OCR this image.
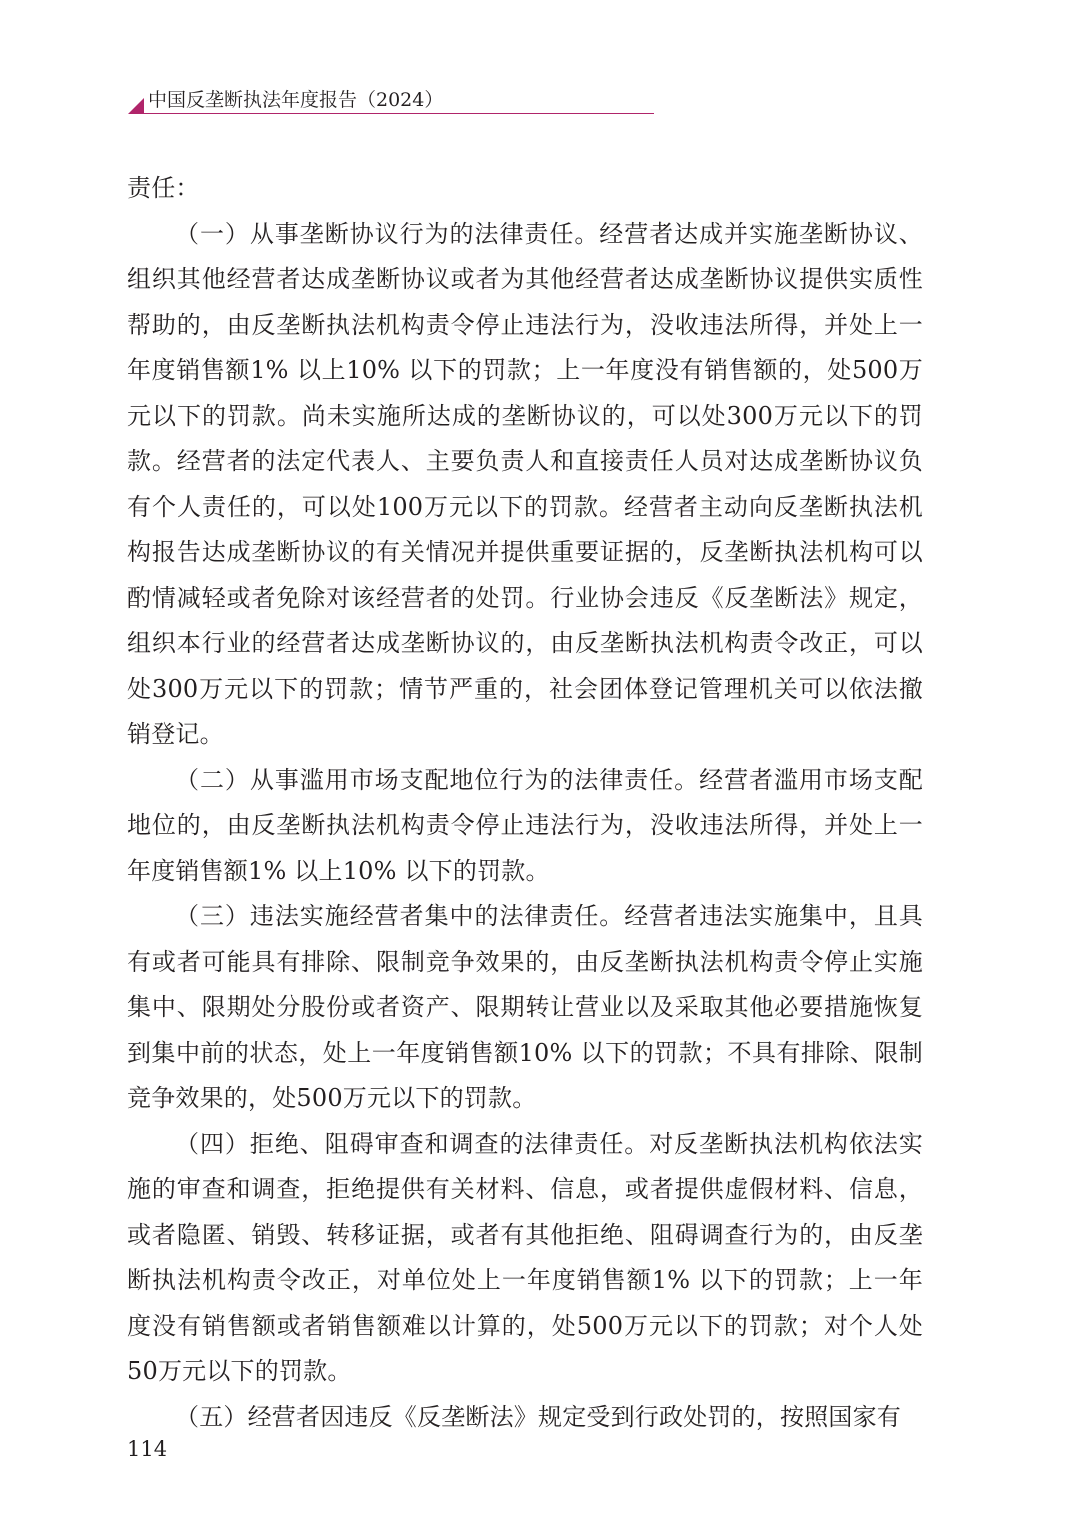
中国反垄断执法年度报告（2024）

责任：

（一）从事垄断协议行为的法律责任。经营者达成并实施垄断协议、组织其他经营者达成垄断协议或者为其他经营者达成垄断协议提供实质性帮助的，由反垄断执法机构责令停止违法行为，没收违法所得，并处上一年度销售额1% 以上10% 以下的罚款；上一年度没有销售额的，处500万元以下的罚款。尚未实施所达成的垄断协议的，可以处300万元以下的罚款。经营者的法定代表人、主要负责人和直接责任人员对达成垄断协议负有个人责任的，可以处100万元以下的罚款。经营者主动向反垄断执法机构报告达成垄断协议的有关情况并提供重要证据的，反垄断执法机构可以酌情减轻或者免除对该经营者的处罚。行业协会违反《反垄断法》规定，组织本行业的经营者达成垄断协议的，由反垄断执法机构责令改正，可以处300万元以下的罚款；情节严重的，社会团体登记管理机关可以依法撤销登记。

（二）从事滥用市场支配地位行为的法律责任。经营者滥用市场支配地位的，由反垄断执法机构责令停止违法行为，没收违法所得，并处上一年度销售额1% 以上10% 以下的罚款。

（三）违法实施经营者集中的法律责任。经营者违法实施集中，且具有或者可能具有排除、限制竞争效果的，由反垄断执法机构责令停止实施集中、限期处分股份或者资产、限期转让营业以及采取其他必要措施恢复到集中前的状态，处上一年度销售额10% 以下的罚款；不具有排除、限制竞争效果的，处500万元以下的罚款。

（四）拒绝、阻碍审查和调查的法律责任。对反垄断执法机构依法实施的审查和调查，拒绝提供有关材料、信息，或者提供虚假材料、信息，或者隐匿、销毁、转移证据，或者有其他拒绝、阻碍调查行为的，由反垄断执法机构责令改正，对单位处上一年度销售额1% 以下的罚款；上一年度没有销售额或者销售额难以计算的，处500万元以下的罚款；对个人处50万元以下的罚款。

（五）经营者因违反《反垄断法》规定受到行政处罚的，按照国家有

114
